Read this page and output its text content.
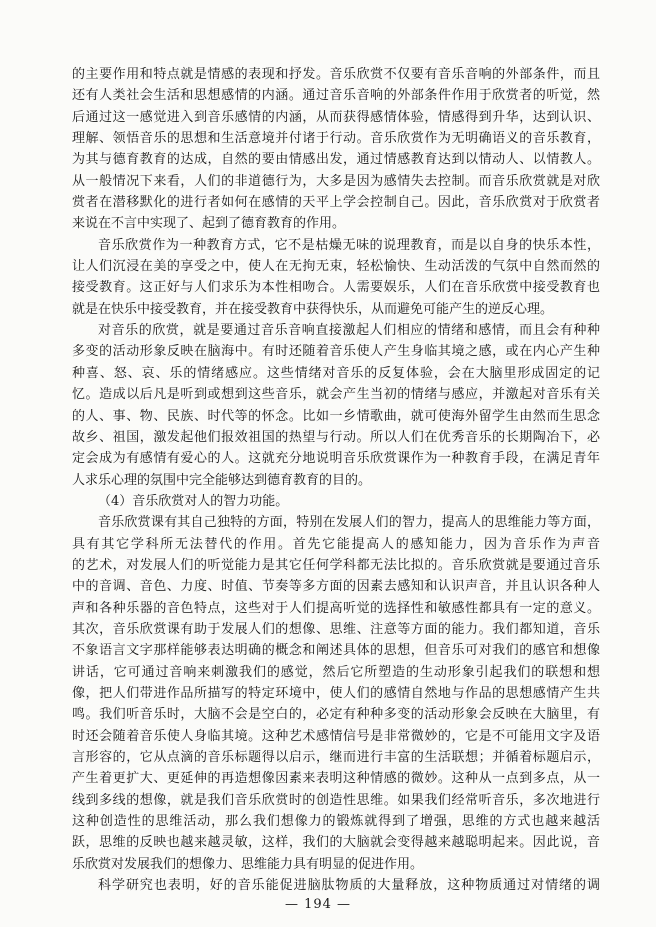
的主要作用和特点就是情感的表现和抒发。音乐欣赏不仅要有音乐音响的外部条件，而且
还有人类社会生活和思想感情的内涵。通过音乐音响的外部条件作用于欣赏者的听觉，然
后通过这一感觉进入到音乐感情的内涵，从而获得感情体验，情感得到升华，达到认识、
理解、领悟音乐的思想和生活意境并付诸于行动。音乐欣赏作为无明确语义的音乐教育，
为其与德育教育的达成，自然的要由情感出发，通过情感教育达到以情动人、以情教人。
从一般情况下来看，人们的非道德行为，大多是因为感情失去控制。而音乐欣赏就是对欣
赏者在潜移默化的进行者如何在感情的天平上学会控制自己。因此，音乐欣赏对于欣赏者
来说在不言中实现了、起到了德育教育的作用。
音乐欣赏作为一种教育方式，它不是枯燥无味的说理教育，而是以自身的快乐本性，
让人们沉浸在美的享受之中，使人在无拘无束，轻松愉快、生动活泼的气氛中自然而然的
接受教育。这正好与人们求乐为本性相吻合。人需要娱乐，人们在音乐欣赏中接受教育也
就是在快乐中接受教育，并在接受教育中获得快乐，从而避免可能产生的逆反心理。
对音乐的欣赏，就是要通过音乐音响直接激起人们相应的情绪和感情，而且会有种种
多变的活动形象反映在脑海中。有时还随着音乐使人产生身临其境之感，或在内心产生种
种喜、怒、哀、乐的情绪感应。这些情绪对音乐的反复体验，会在大脑里形成固定的记
忆。造成以后凡是听到或想到这些音乐，就会产生当初的情绪与感应，并激起对音乐有关
的人、事、物、民族、时代等的怀念。比如一乡情歌曲，就可使海外留学生由然而生思念
故乡、祖国，激发起他们报效祖国的热望与行动。所以人们在优秀音乐的长期陶冶下，必
定会成为有感情有爱心的人。这就充分地说明音乐欣赏课作为一种教育手段，在满足青年
人求乐心理的氛围中完全能够达到德育教育的目的。
（4）音乐欣赏对人的智力功能。
音乐欣赏课有其自己独特的方面，特别在发展人们的智力，提高人的思维能力等方面，
具有其它学科所无法替代的作用。首先它能提高人的感知能力，因为音乐作为声音
的艺术，对发展人们的听觉能力是其它任何学科都无法比拟的。音乐欣赏就是要通过音乐
中的音调、音色、力度、时值、节奏等多方面的因素去感知和认识声音，并且认识各种人
声和各种乐器的音色特点，这些对于人们提高听觉的选择性和敏感性都具有一定的意义。
其次，音乐欣赏课有助于发展人们的想像、思维、注意等方面的能力。我们都知道，音乐
不象语言文字那样能够表达明确的概念和阐述具体的思想，但音乐可对我们的感官和想像
讲话，它可通过音响来刺激我们的感觉，然后它所塑造的生动形象引起我们的联想和想
像，把人们带进作品所描写的特定环境中，使人们的感情自然地与作品的思想感情产生共
鸣。我们听音乐时，大脑不会是空白的，必定有种种多变的活动形象会反映在大脑里，有
时还会随着音乐使人身临其境。这种艺术感情信号是非常微妙的，它是不可能用文字及语
言形容的，它从点滴的音乐标题得以启示，继而进行丰富的生活联想；并循着标题启示，
产生着更扩大、更延伸的再造想像因素来表明这种情感的微妙。这种从一点到多点，从一
线到多线的想像，就是我们音乐欣赏时的创造性思维。如果我们经常听音乐，多次地进行
这种创造性的思维活动，那么我们想像力的锻炼就得到了增强，思维的方式也越来越活
跃，思维的反映也越来越灵敏，这样，我们的大脑就会变得越来越聪明起来。因此说，音
乐欣赏对发展我们的想像力、思维能力具有明显的促进作用。
科学研究也表明，好的音乐能促进脑肽物质的大量释放，这种物质通过对情绪的调
— 194 —
